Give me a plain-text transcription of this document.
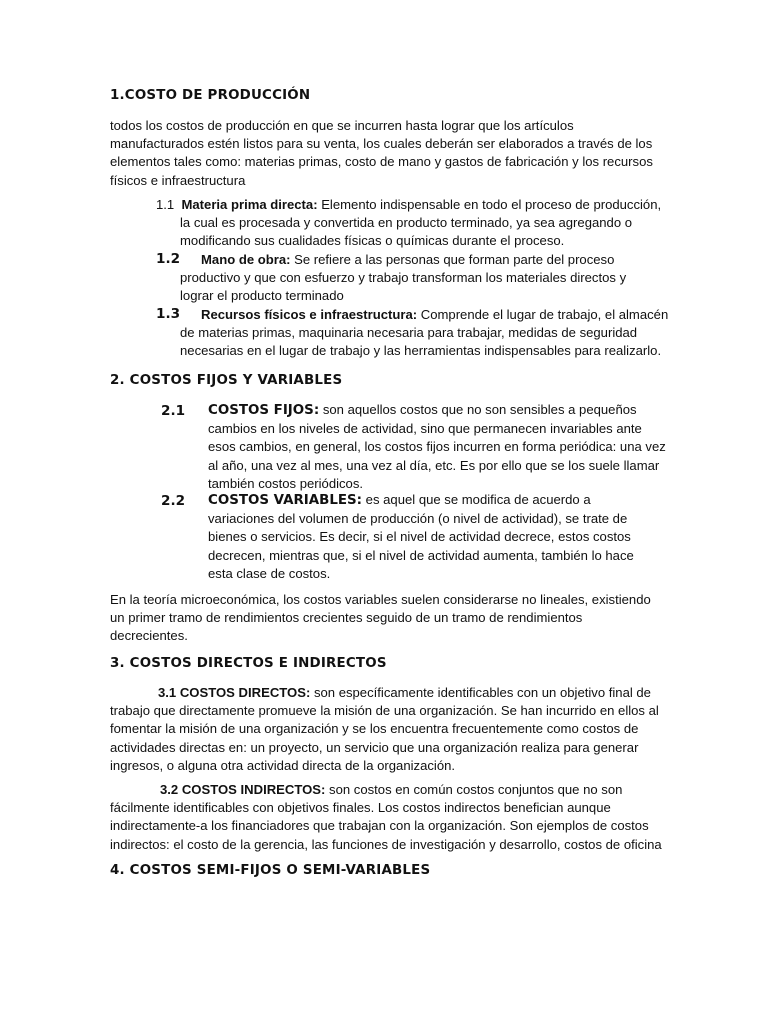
1.COSTO DE PRODUCCIÓN
todos los costos de producción en que se incurren hasta lograr que los artículos
manufacturados estén listos para su venta, los cuales deberán ser elaborados a través de los
elementos tales como: materias primas, costo de mano y gastos de fabricación y los recursos
físicos e infraestructura
1.1 Materia prima directa: Elemento indispensable en todo el proceso de producción,
la cual es procesada y convertida en producto terminado, ya sea agregando o
modificando sus cualidades físicas o químicas durante el proceso.
1.2 Mano de obra: Se refiere a las personas que forman parte del proceso
productivo y que con esfuerzo y trabajo transforman los materiales directos y
lograr el producto terminado
1.3 Recursos físicos e infraestructura: Comprende el lugar de trabajo, el almacén
de materias primas, maquinaria necesaria para trabajar, medidas de seguridad
necesarias en el lugar de trabajo y las herramientas indispensables para realizarlo.
2. COSTOS FIJOS Y VARIABLES
2.1 COSTOS FIJOS: son aquellos costos que no son sensibles a pequeños
cambios en los niveles de actividad, sino que permanecen invariables ante
esos cambios, en general, los costos fijos incurren en forma periódica: una vez
al año, una vez al mes, una vez al día, etc. Es por ello que se los suele llamar
también costos periódicos.
2.2 COSTOS VARIABLES: es aquel que se modifica de acuerdo a
variaciones del volumen de producción (o nivel de actividad), se trate de
bienes o servicios. Es decir, si el nivel de actividad decrece, estos costos
decrecen, mientras que, si el nivel de actividad aumenta, también lo hace
esta clase de costos.
En la teoría microeconómica, los costos variables suelen considerarse no lineales, existiendo
un primer tramo de rendimientos crecientes seguido de un tramo de rendimientos
decrecientes.
3. COSTOS DIRECTOS E INDIRECTOS
3.1 COSTOS DIRECTOS: son específicamente identificables con un objetivo final de
trabajo que directamente promueve la misión de una organización. Se han incurrido en ellos al
fomentar la misión de una organización y se los encuentra frecuentemente como costos de
actividades directas en: un proyecto, un servicio que una organización realiza para generar
ingresos, o alguna otra actividad directa de la organización.
3.2 COSTOS INDIRECTOS: son costos en común costos conjuntos que no son
fácilmente identificables con objetivos finales. Los costos indirectos benefician aunque
indirectamente-a los financiadores que trabajan con la organización. Son ejemplos de costos
indirectos: el costo de la gerencia, las funciones de investigación y desarrollo, costos de oficina
4. COSTOS SEMI-FIJOS O SEMI-VARIABLES
